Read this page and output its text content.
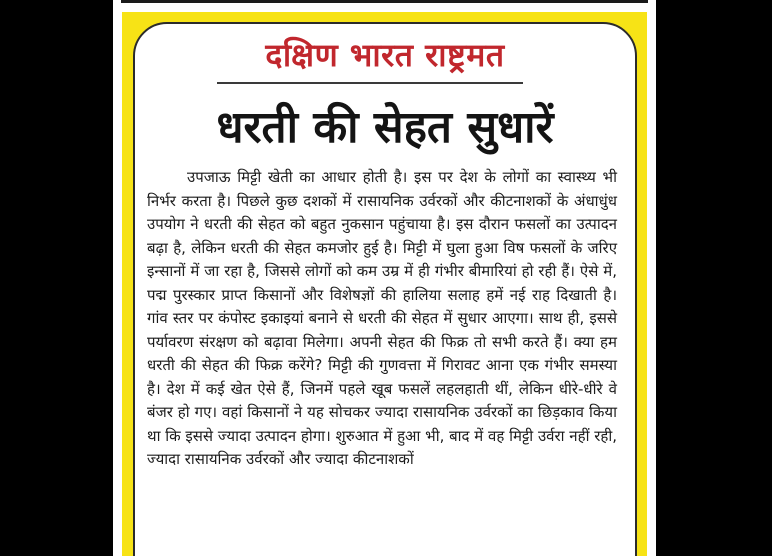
दक्षिण भारत राष्ट्रमत
धरती की सेहत सुधारें

उपजाऊ मिट्टी खेती का आधार होती है। इस पर देश के लोगों का स्वास्थ्य भी निर्भर करता है। पिछले कुछ दशकों में रासायनिक उर्वरकों और कीटनाशकों के अंधाधुंध उपयोग ने धरती की सेहत को बहुत नुकसान पहुंचाया है। इस दौरान फसलों का उत्पादन बढ़ा है, लेकिन धरती की सेहत कमजोर हुई है। मिट्टी में घुला हुआ विष फसलों के जरिए इन्सानों में जा रहा है, जिससे लोगों को कम उम्र में ही गंभीर बीमारियां हो रही हैं। ऐसे में, पद्म पुरस्कार प्राप्त किसानों और विशेषज्ञों की हालिया सलाह हमें नई राह दिखाती है। गांव स्तर पर कंपोस्ट इकाइयां बनाने से धरती की सेहत में सुधार आएगा। साथ ही, इससे पर्यावरण संरक्षण को बढ़ावा मिलेगा। अपनी सेहत की फिक्र तो सभी करते हैं। क्या हम धरती की सेहत की फिक्र करेंगे? मिट्टी की गुणवत्ता में गिरावट आना एक गंभीर समस्या है। देश में कई खेत ऐसे हैं, जिनमें पहले खूब फसलें लहलहाती थीं, लेकिन धीरे-धीरे वे बंजर हो गए। वहां किसानों ने यह सोचकर ज्यादा रासायनिक उर्वरकों का छिड़काव किया था कि इससे ज्यादा उत्पादन होगा। शुरुआत में हुआ भी, बाद में वह मिट्टी उर्वरा नहीं रही, ज्यादा रासायनिक उर्वरकों और ज्यादा कीटनाशकों
